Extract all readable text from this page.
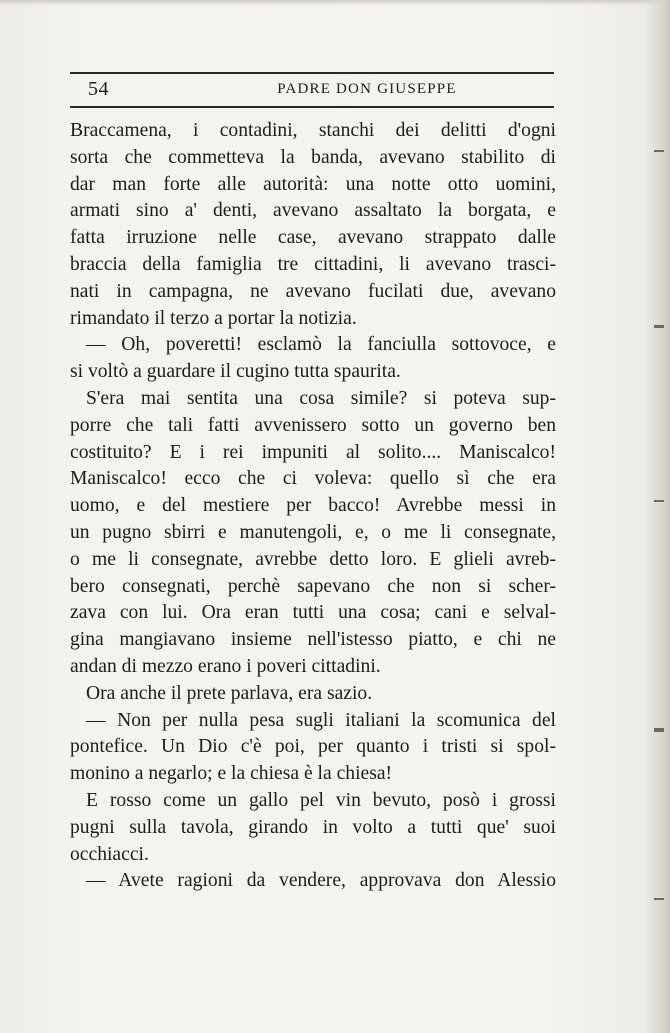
54	PADRE DON GIUSEPPE

Braccamena, i contadini, stanchi dei delitti d'ogni

sorta che commetteva la banda, avevano stabilito di

dar man forte alle autorità: una notte otto uomini,

armati sino a' denti, avevano assaltato la borgata, e

fatta irruzione nelle case, avevano strappato dalle

braccia della famiglia tre cittadini, li avevano trasci-

nati in campagna, ne avevano fucilati due, avevano

rimandato il terzo a portar la notizia.

— Oh, poveretti! esclamò la fanciulla sottovoce, e

si voltò a guardare il cugino tutta spaurita.

S'era mai sentita una cosa simile? si poteva sup-

porre che tali fatti avvenissero sotto un governo ben

costituito? E i rei impuniti al solito.... Maniscalco!

Maniscalco! ecco che ci voleva: quello sì che era

uomo, e del mestiere per bacco! Avrebbe messi in

un pugno sbirri e manutengoli, e, o me li consegnate,

o me li consegnate, avrebbe detto loro. E glieli avreb-

bero consegnati, perchè sapevano che non si scher-

zava con lui. Ora eran tutti una cosa; cani e selval-

gina mangiavano insieme nell'istesso piatto, e chi ne

andan di mezzo erano i poveri cittadini.

Ora anche il prete parlava, era sazio.

— Non per nulla pesa sugli italiani la scomunica del

pontefice. Un Dio c'è poi, per quanto i tristi si spol-

monino a negarlo; e la chiesa è la chiesa!

E rosso come un gallo pel vin bevuto, posò i grossi

pugni sulla tavola, girando in volto a tutti que' suoi

occhiacci.

— Avete ragioni da vendere, approvava don Alessio
